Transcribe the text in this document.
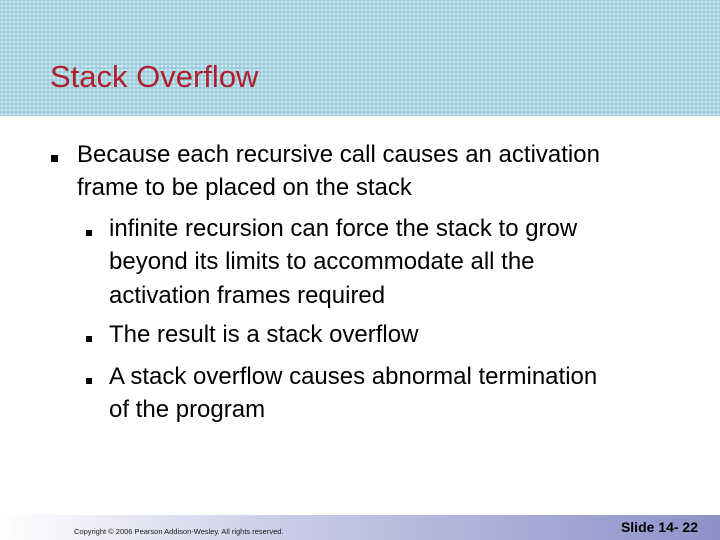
Stack Overflow

Because each recursive call causes an activation

frame to be placed on the stack

infinite recursion can force the stack to grow

beyond its limits to accommodate all the

activation frames required

The result is a stack overflow

A stack overflow causes abnormal termination

of the program

Copyright © 2006 Pearson Addison-Wesley. All rights reserved.	Slide 14- 22
